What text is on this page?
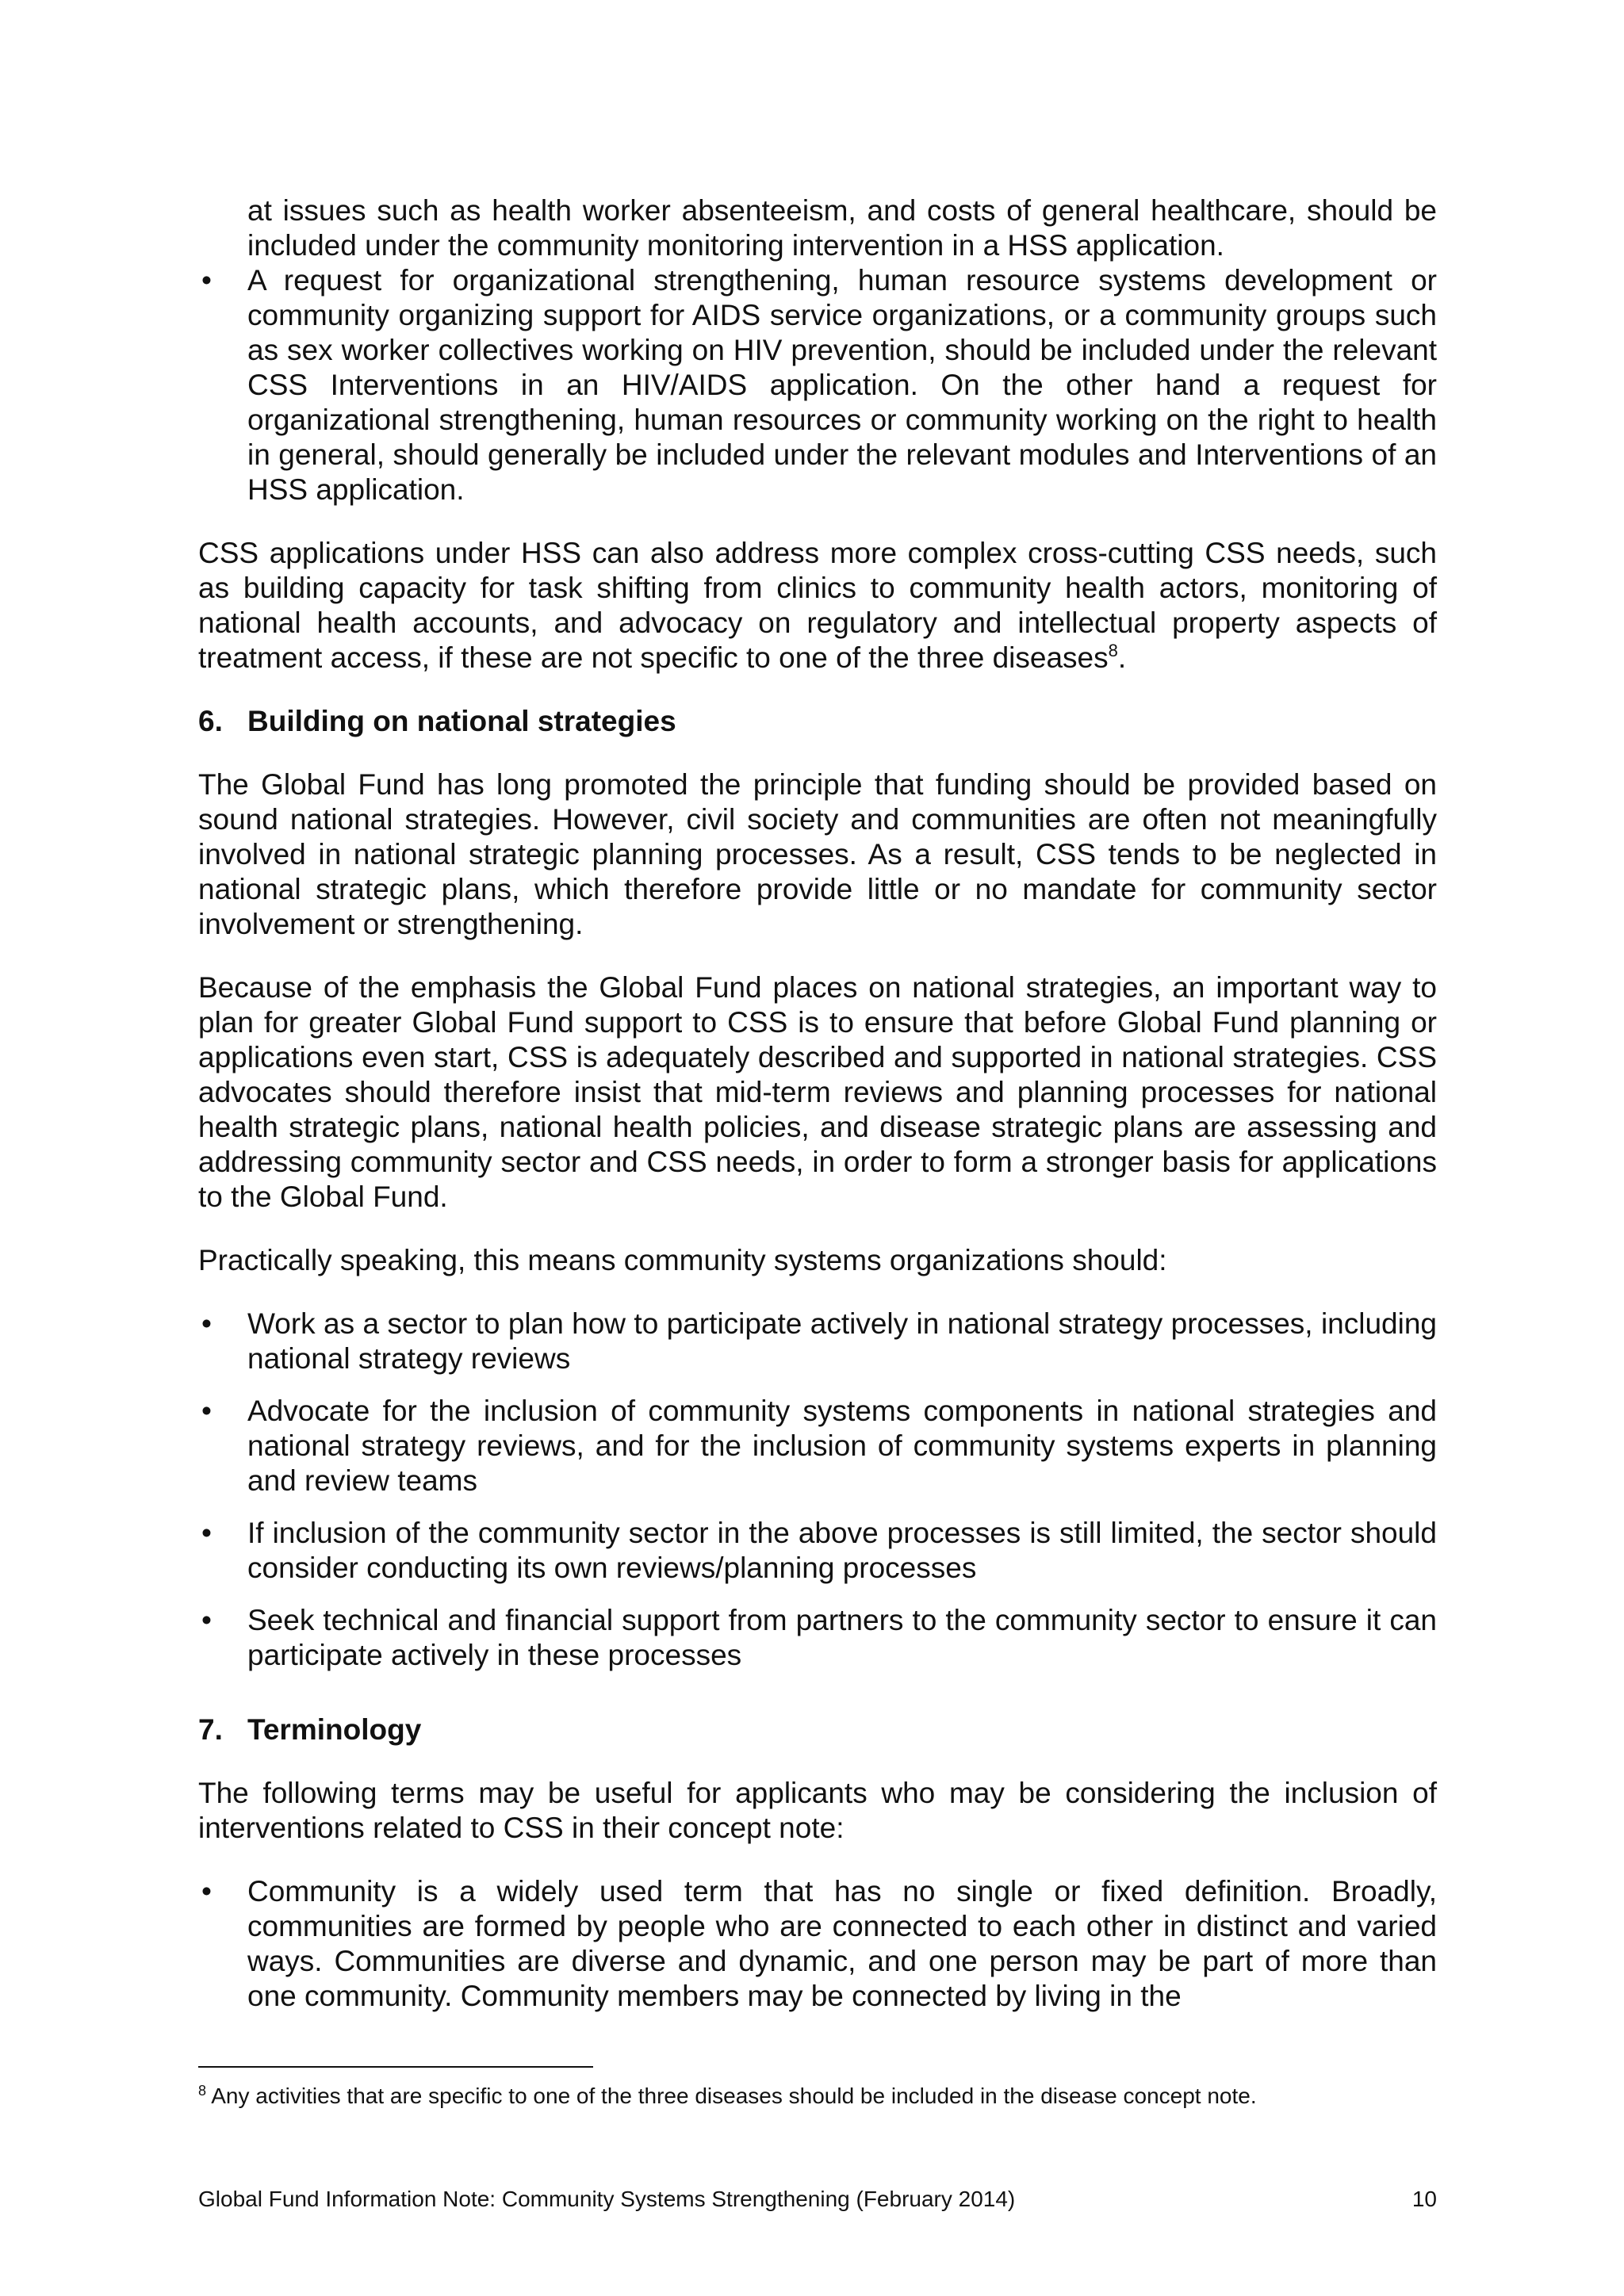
at issues such as health worker absenteeism, and costs of general healthcare, should be included under the community monitoring intervention in a HSS application.

• A request for organizational strengthening, human resource systems development or community organizing support for AIDS service organizations, or a community groups such as sex worker collectives working on HIV prevention, should be included under the relevant CSS Interventions in an HIV/AIDS application. On the other hand a request for organizational strengthening, human resources or community working on the right to health in general, should generally be included under the relevant modules and Interventions of an HSS application.

CSS applications under HSS can also address more complex cross-cutting CSS needs, such as building capacity for task shifting from clinics to community health actors, monitoring of national health accounts, and advocacy on regulatory and intellectual property aspects of treatment access, if these are not specific to one of the three diseases$^8$.

6. Building on national strategies

The Global Fund has long promoted the principle that funding should be provided based on sound national strategies. However, civil society and communities are often not meaningfully involved in national strategic planning processes. As a result, CSS tends to be neglected in national strategic plans, which therefore provide little or no mandate for community sector involvement or strengthening.

Because of the emphasis the Global Fund places on national strategies, an important way to plan for greater Global Fund support to CSS is to ensure that before Global Fund planning or applications even start, CSS is adequately described and supported in national strategies. CSS advocates should therefore insist that mid-term reviews and planning processes for national health strategic plans, national health policies, and disease strategic plans are assessing and addressing community sector and CSS needs, in order to form a stronger basis for applications to the Global Fund.

Practically speaking, this means community systems organizations should:

• Work as a sector to plan how to participate actively in national strategy processes, including national strategy reviews
• Advocate for the inclusion of community systems components in national strategies and national strategy reviews, and for the inclusion of community systems experts in planning and review teams
• If inclusion of the community sector in the above processes is still limited, the sector should consider conducting its own reviews/planning processes
• Seek technical and financial support from partners to the community sector to ensure it can participate actively in these processes
7. Terminology

The following terms may be useful for applicants who may be considering the inclusion of interventions related to CSS in their concept note:

• Community is a widely used term that has no single or fixed definition. Broadly, communities are formed by people who are connected to each other in distinct and varied ways. Communities are diverse and dynamic, and one person may be part of more than one community. Community members may be connected by living in the
$^8$ Any activities that are specific to one of the three diseases should be included in the disease concept note.
Global Fund Information Note: Community Systems Strengthening (February 2014)	10
